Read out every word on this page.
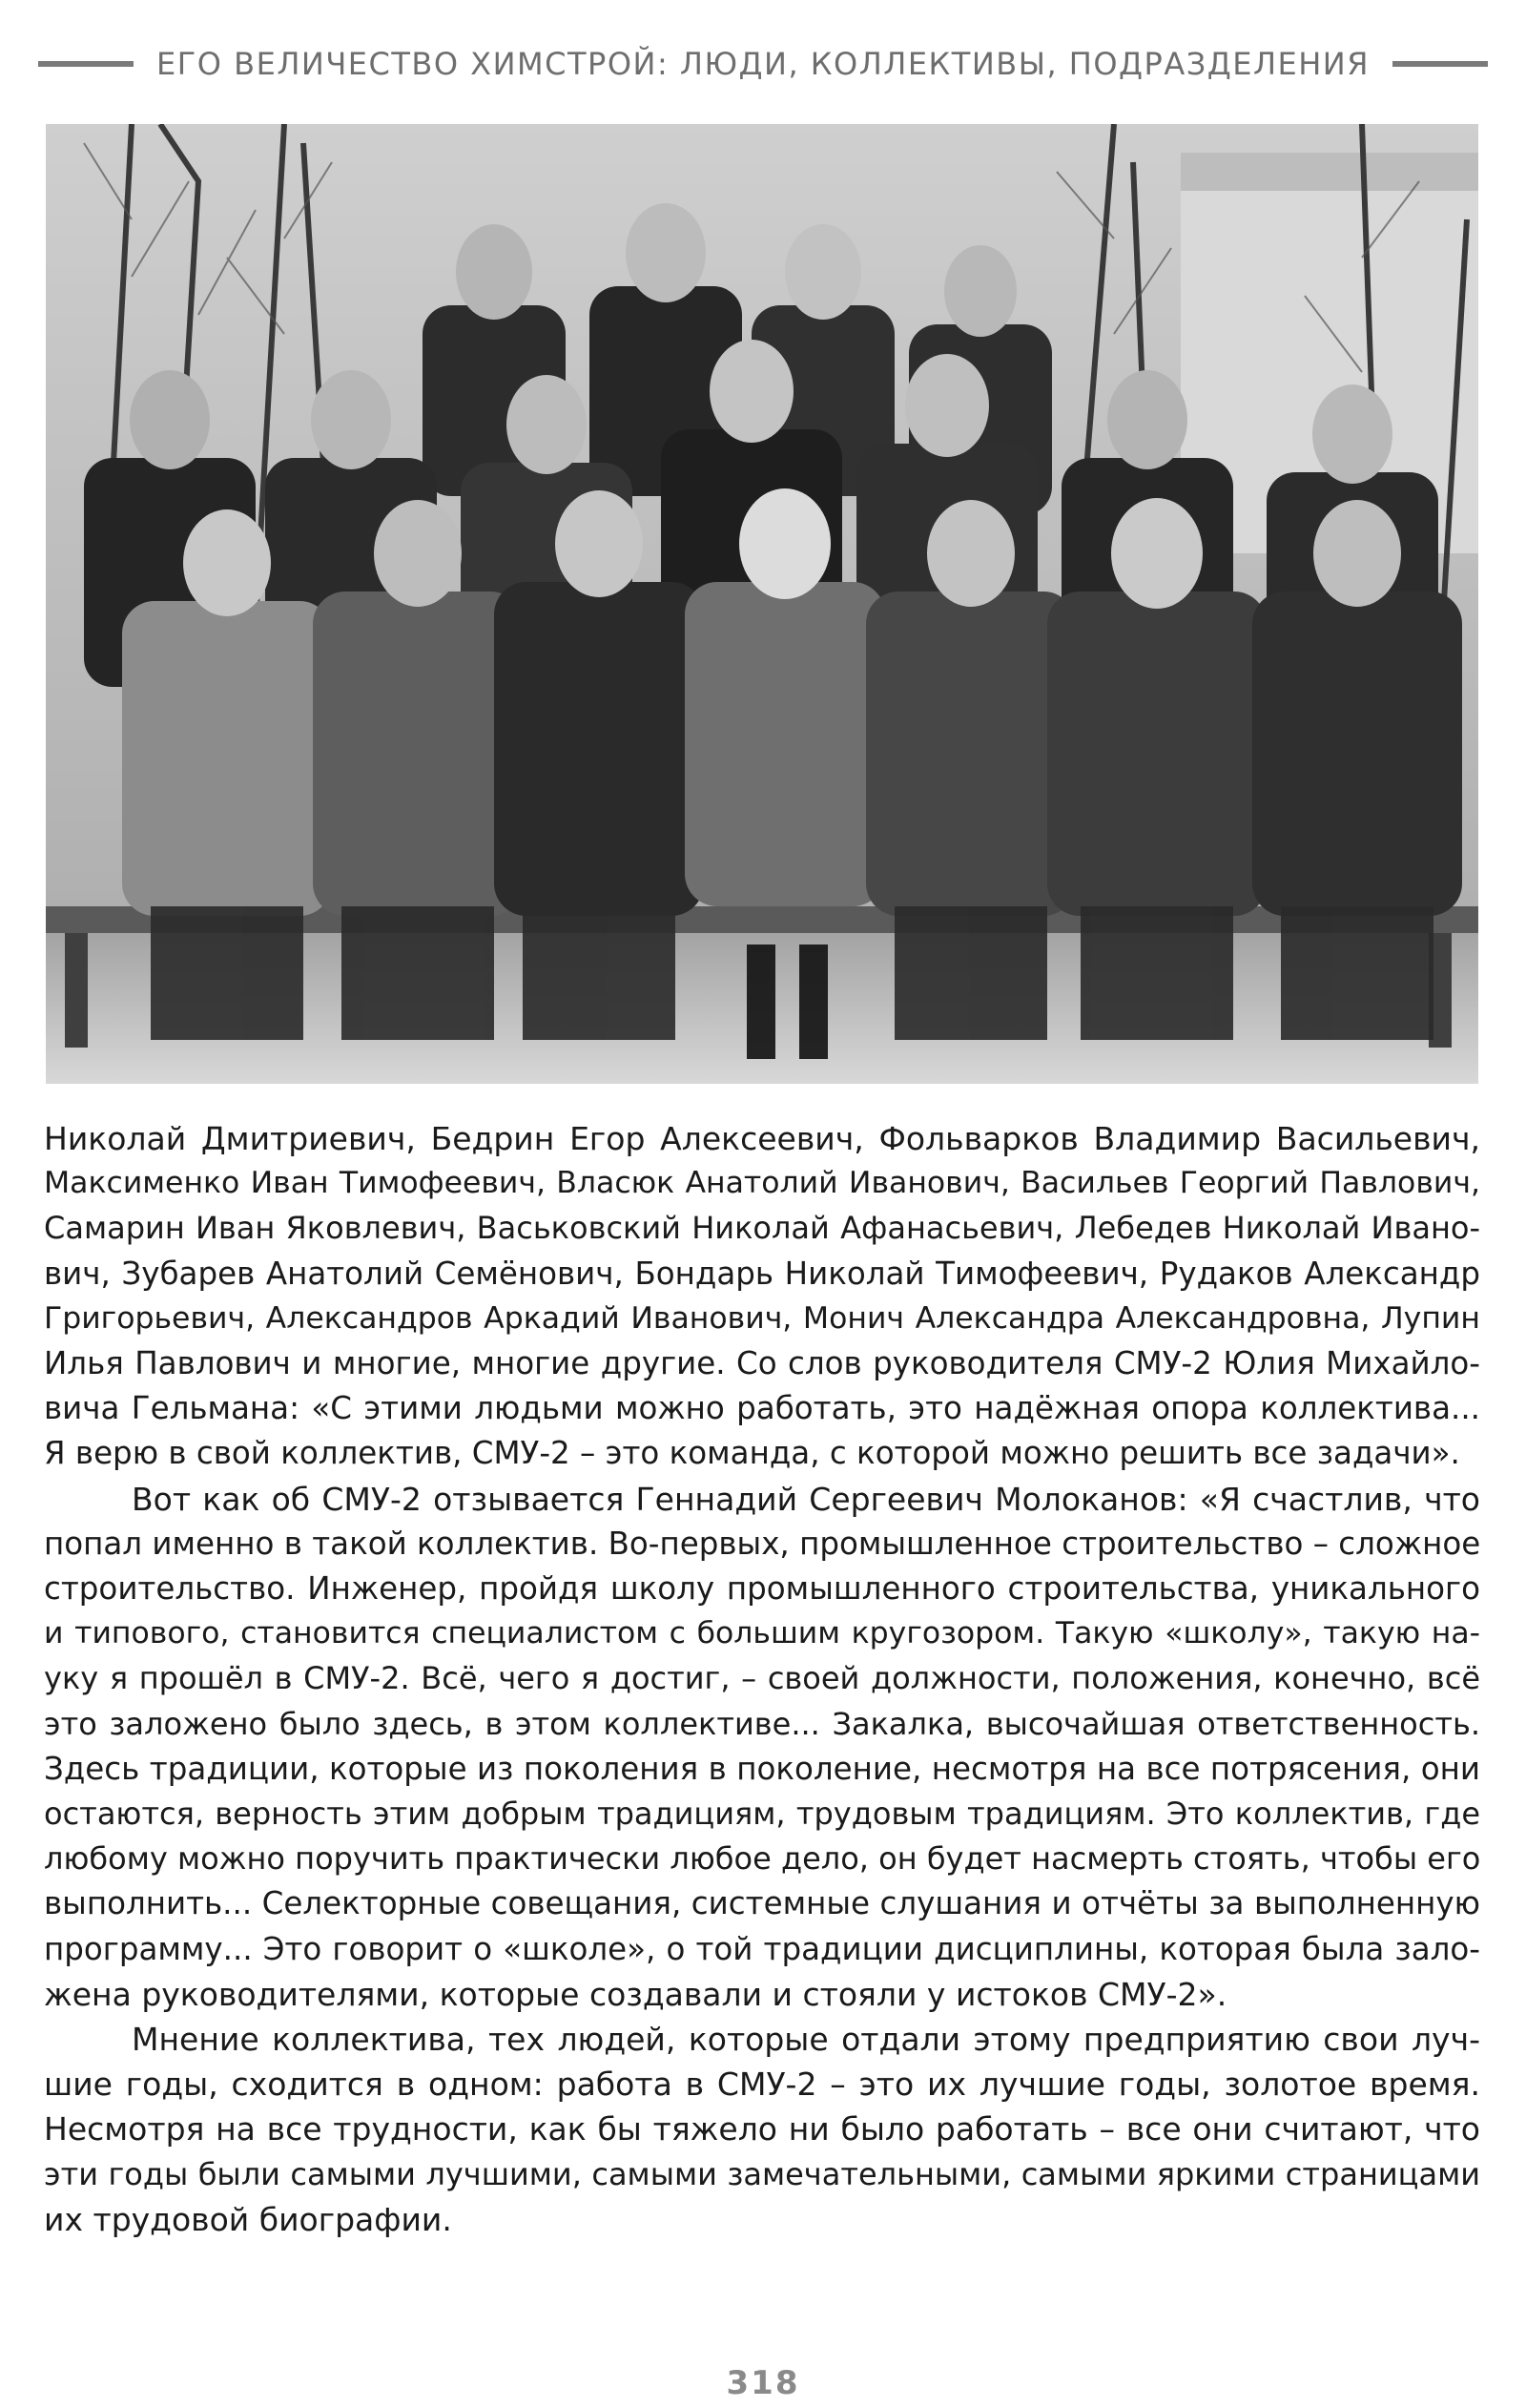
ЕГО ВЕЛИЧЕСТВО ХИМСТРОЙ: ЛЮДИ, КОЛЛЕКТИВЫ, ПОДРАЗДЕЛЕНИЯ
Николай Дмитриевич, Бедрин Егор Алексеевич, Фольварков Владимир Васильевич,
Максименко Иван Тимофеевич, Власюк Анатолий Иванович, Васильев Георгий Павлович,
Самарин Иван Яковлевич, Васьковский Николай Афанасьевич, Лебедев Николай Ивано-
вич, Зубарев Анатолий Семёнович, Бондарь Николай Тимофеевич, Рудаков Александр
Григорьевич, Александров Аркадий Иванович, Монич Александра Александровна, Лупин
Илья Павлович и многие, многие другие. Со слов руководителя СМУ-2 Юлия Михайло-
вича Гельмана: «С этими людьми можно работать, это надёжная опора коллектива...
Я верю в свой коллектив, СМУ-2 – это команда, с которой можно решить все задачи».
Вот как об СМУ-2 отзывается Геннадий Сергеевич Молоканов: «Я счастлив, что
попал именно в такой коллектив. Во-первых, промышленное строительство – сложное
строительство. Инженер, пройдя школу промышленного строительства, уникального
и типового, становится специалистом с большим кругозором. Такую «школу», такую на-
уку я прошёл в СМУ-2. Всё, чего я достиг, – своей должности, положения, конечно, всё
это заложено было здесь, в этом коллективе... Закалка, высочайшая ответственность.
Здесь традиции, которые из поколения в поколение, несмотря на все потрясения, они
остаются, верность этим добрым традициям, трудовым традициям. Это коллектив, где
любому можно поручить практически любое дело, он будет насмерть стоять, чтобы его
выполнить... Селекторные совещания, системные слушания и отчёты за выполненную
программу... Это говорит о «школе», о той традиции дисциплины, которая была зало-
жена руководителями, которые создавали и стояли у истоков СМУ-2».
Мнение коллектива, тех людей, которые отдали этому предприятию свои луч-
шие годы, сходится в одном: работа в СМУ-2 – это их лучшие годы, золотое время.
Несмотря на все трудности, как бы тяжело ни было работать – все они считают, что
эти годы были самыми лучшими, самыми замечательными, самыми яркими страницами
их трудовой биографии.
318
